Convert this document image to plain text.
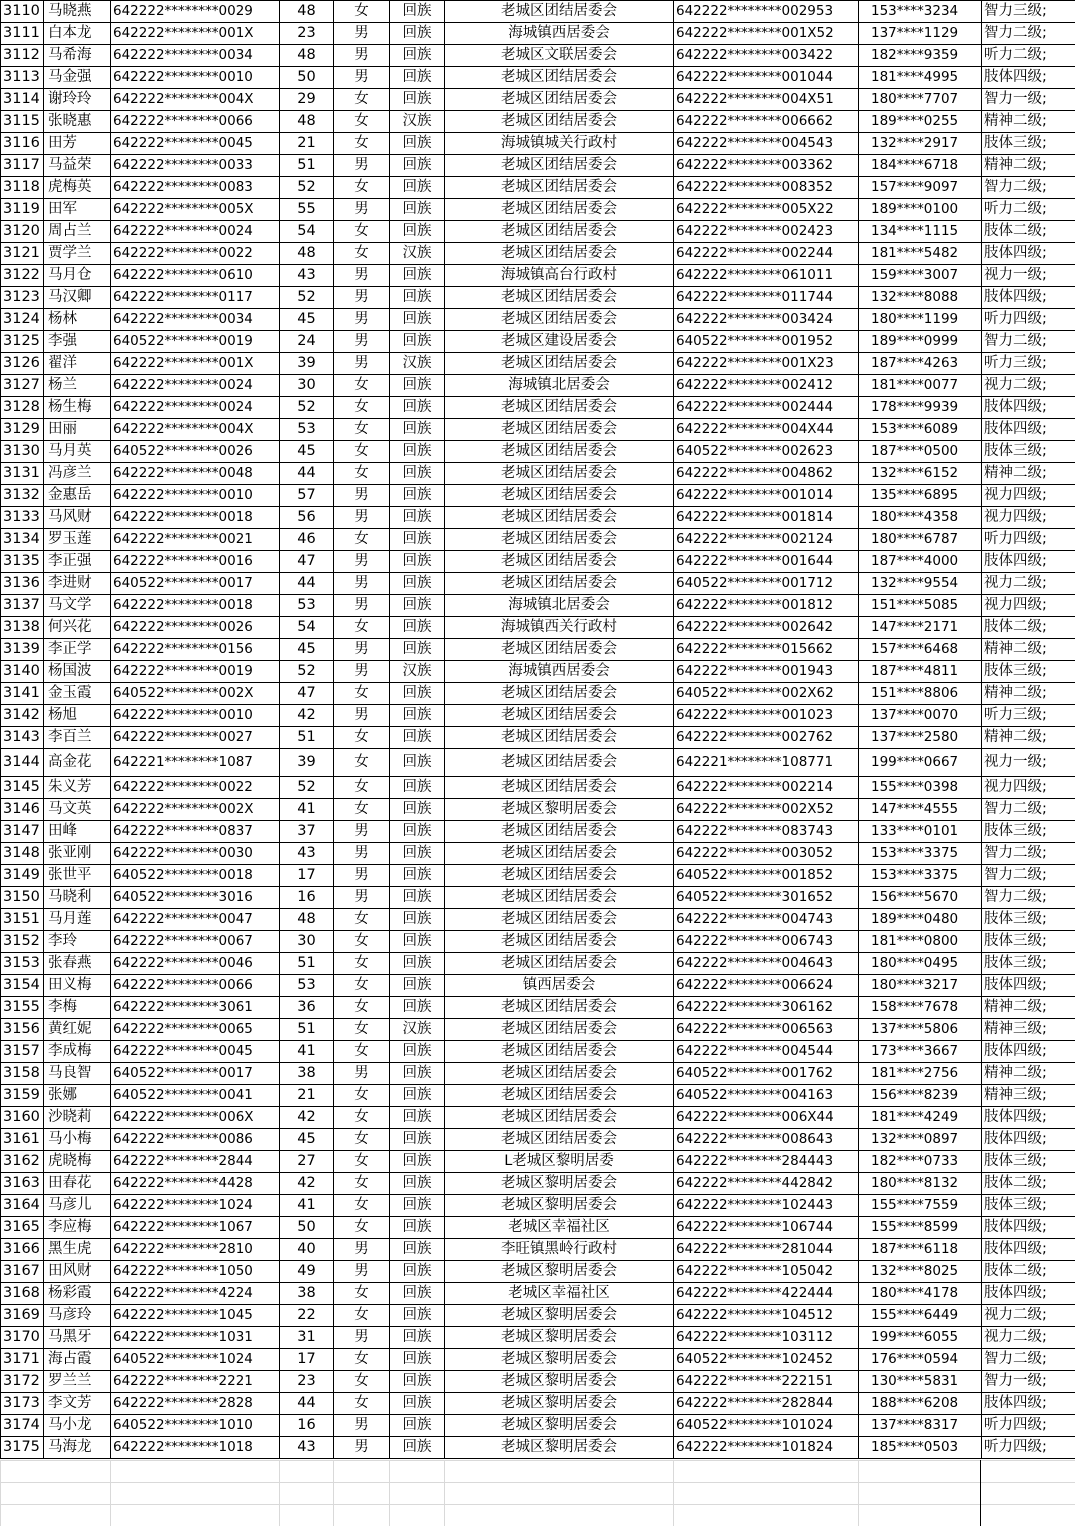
3110	马晓燕	642222********0029	48	女	回族	老城区团结居委会	642222********002953	153****3234	智力三级;
3111	白本龙	642222********001X	23	男	回族	海城镇西居委会	642222********001X52	137****1129	智力二级;
3112	马希海	642222********0034	48	男	回族	老城区文联居委会	642222********003422	182****9359	听力二级;
3113	马金强	642222********0010	50	男	回族	老城区团结居委会	642222********001044	181****4995	肢体四级;
3114	谢玲玲	642222********004X	29	女	回族	老城区团结居委会	642222********004X51	180****7707	智力一级;
3115	张晓惠	642222********0066	48	女	汉族	老城区团结居委会	642222********006662	189****0255	精神二级;
3116	田芳	642222********0045	21	女	回族	海城镇城关行政村	642222********004543	132****2917	肢体三级;
3117	马益荣	642222********0033	51	男	回族	老城区团结居委会	642222********003362	184****6718	精神二级;
3118	虎梅英	642222********0083	52	女	回族	老城区团结居委会	642222********008352	157****9097	智力二级;
3119	田军	642222********005X	55	男	回族	老城区团结居委会	642222********005X22	189****0100	听力二级;
3120	周占兰	642222********0024	54	女	回族	老城区团结居委会	642222********002423	134****1115	肢体二级;
3121	贾学兰	642222********0022	48	女	汉族	老城区团结居委会	642222********002244	181****5482	肢体四级;
3122	马月仓	642222********0610	43	男	回族	海城镇高台行政村	642222********061011	159****3007	视力一级;
3123	马汉卿	642222********0117	52	男	回族	老城区团结居委会	642222********011744	132****8088	肢体四级;
3124	杨林	642222********0034	45	男	回族	老城区团结居委会	642222********003424	180****1199	听力四级;
3125	李强	640522********0019	24	男	回族	老城区建设居委会	640522********001952	189****0999	智力二级;
3126	翟洋	642222********001X	39	男	汉族	老城区团结居委会	642222********001X23	187****4263	听力三级;
3127	杨兰	642222********0024	30	女	回族	海城镇北居委会	642222********002412	181****0077	视力二级;
3128	杨生梅	642222********0024	52	女	回族	老城区团结居委会	642222********002444	178****9939	肢体四级;
3129	田丽	642222********004X	53	女	回族	老城区团结居委会	642222********004X44	153****6089	肢体四级;
3130	马月英	640522********0026	45	女	回族	老城区团结居委会	640522********002623	187****0500	肢体三级;
3131	冯彦兰	642222********0048	44	女	回族	老城区团结居委会	642222********004862	132****6152	精神二级;
3132	金惠岳	642222********0010	57	男	回族	老城区团结居委会	642222********001014	135****6895	视力四级;
3133	马风财	642222********0018	56	男	回族	老城区团结居委会	642222********001814	180****4358	视力四级;
3134	罗玉莲	642222********0021	46	女	回族	老城区团结居委会	642222********002124	180****6787	听力四级;
3135	李正强	642222********0016	47	男	回族	老城区团结居委会	642222********001644	187****4000	肢体四级;
3136	李进财	640522********0017	44	男	回族	老城区团结居委会	640522********001712	132****9554	视力二级;
3137	马文学	642222********0018	53	男	回族	海城镇北居委会	642222********001812	151****5085	视力四级;
3138	何兴花	642222********0026	54	女	回族	海城镇西关行政村	642222********002642	147****2171	肢体二级;
3139	李正学	642222********0156	45	男	回族	老城区团结居委会	642222********015662	157****6468	精神二级;
3140	杨国波	642222********0019	52	男	汉族	海城镇西居委会	642222********001943	187****4811	肢体三级;
3141	金玉霞	640522********002X	47	女	回族	老城区团结居委会	640522********002X62	151****8806	精神二级;
3142	杨旭	642222********0010	42	男	回族	老城区团结居委会	642222********001023	137****0070	听力三级;
3143	李百兰	642222********0027	51	女	回族	老城区团结居委会	642222********002762	137****2580	精神二级;
3144	高金花	642221********1087	39	女	回族	老城区团结居委会	642221********108771	199****0667	视力一级;
3145	朱义芳	642222********0022	52	女	回族	老城区团结居委会	642222********002214	155****0398	视力四级;
3146	马文英	642222********002X	41	女	回族	老城区黎明居委会	642222********002X52	147****4555	智力二级;
3147	田峰	642222********0837	37	男	回族	老城区团结居委会	642222********083743	133****0101	肢体三级;
3148	张亚刚	642222********0030	43	男	回族	老城区团结居委会	642222********003052	153****3375	智力二级;
3149	张世平	640522********0018	17	男	回族	老城区团结居委会	640522********001852	153****3375	智力二级;
3150	马晓利	640522********3016	16	男	回族	老城区团结居委会	640522********301652	156****5670	智力二级;
3151	马月莲	642222********0047	48	女	回族	老城区团结居委会	642222********004743	189****0480	肢体三级;
3152	李玲	642222********0067	30	女	回族	老城区团结居委会	642222********006743	181****0800	肢体三级;
3153	张春燕	642222********0046	51	女	回族	老城区团结居委会	642222********004643	180****0495	肢体三级;
3154	田义梅	642222********0066	53	女	回族	镇西居委会	642222********006624	180****3217	肢体四级;
3155	李梅	642222********3061	36	女	回族	老城区团结居委会	642222********306162	158****7678	精神二级;
3156	黄红妮	642222********0065	51	女	汉族	老城区团结居委会	642222********006563	137****5806	精神三级;
3157	李成梅	642222********0045	41	女	回族	老城区团结居委会	642222********004544	173****3667	肢体四级;
3158	马良智	640522********0017	38	男	回族	老城区团结居委会	640522********001762	181****2756	精神二级;
3159	张娜	640522********0041	21	女	回族	老城区团结居委会	640522********004163	156****8239	精神三级;
3160	沙晓莉	642222********006X	42	女	回族	老城区团结居委会	642222********006X44	181****4249	肢体四级;
3161	马小梅	642222********0086	45	女	回族	老城区团结居委会	642222********008643	132****0897	肢体四级;
3162	虎晓梅	642222********2844	27	女	回族	L老城区黎明居委	642222********284443	182****0733	肢体三级;
3163	田春花	642222********4428	42	女	回族	老城区黎明居委会	642222********442842	180****8132	肢体二级;
3164	马彦儿	642222********1024	41	女	回族	老城区黎明居委会	642222********102443	155****7559	肢体三级;
3165	李应梅	642222********1067	50	女	回族	老城区幸福社区	642222********106744	155****8599	肢体四级;
3166	黑生虎	642222********2810	40	男	回族	李旺镇黑岭行政村	642222********281044	187****6118	肢体四级;
3167	田风财	642222********1050	49	男	回族	老城区黎明居委会	642222********105042	132****8025	肢体二级;
3168	杨彩霞	642222********4224	38	女	回族	老城区幸福社区	642222********422444	180****4178	肢体四级;
3169	马彦玲	642222********1045	22	女	回族	老城区黎明居委会	642222********104512	155****6449	视力二级;
3170	马黑牙	642222********1031	31	男	回族	老城区黎明居委会	642222********103112	199****6055	视力二级;
3171	海占霞	640522********1024	17	女	回族	老城区黎明居委会	640522********102452	176****0594	智力二级;
3172	罗兰兰	642222********2221	23	女	回族	老城区黎明居委会	642222********222151	130****5831	智力一级;
3173	李文芳	642222********2828	44	女	回族	老城区黎明居委会	642222********282844	188****6208	肢体四级;
3174	马小龙	640522********1010	16	男	回族	老城区黎明居委会	640522********101024	137****8317	听力四级;
3175	马海龙	642222********1018	43	男	回族	老城区黎明居委会	642222********101824	185****0503	听力四级;
